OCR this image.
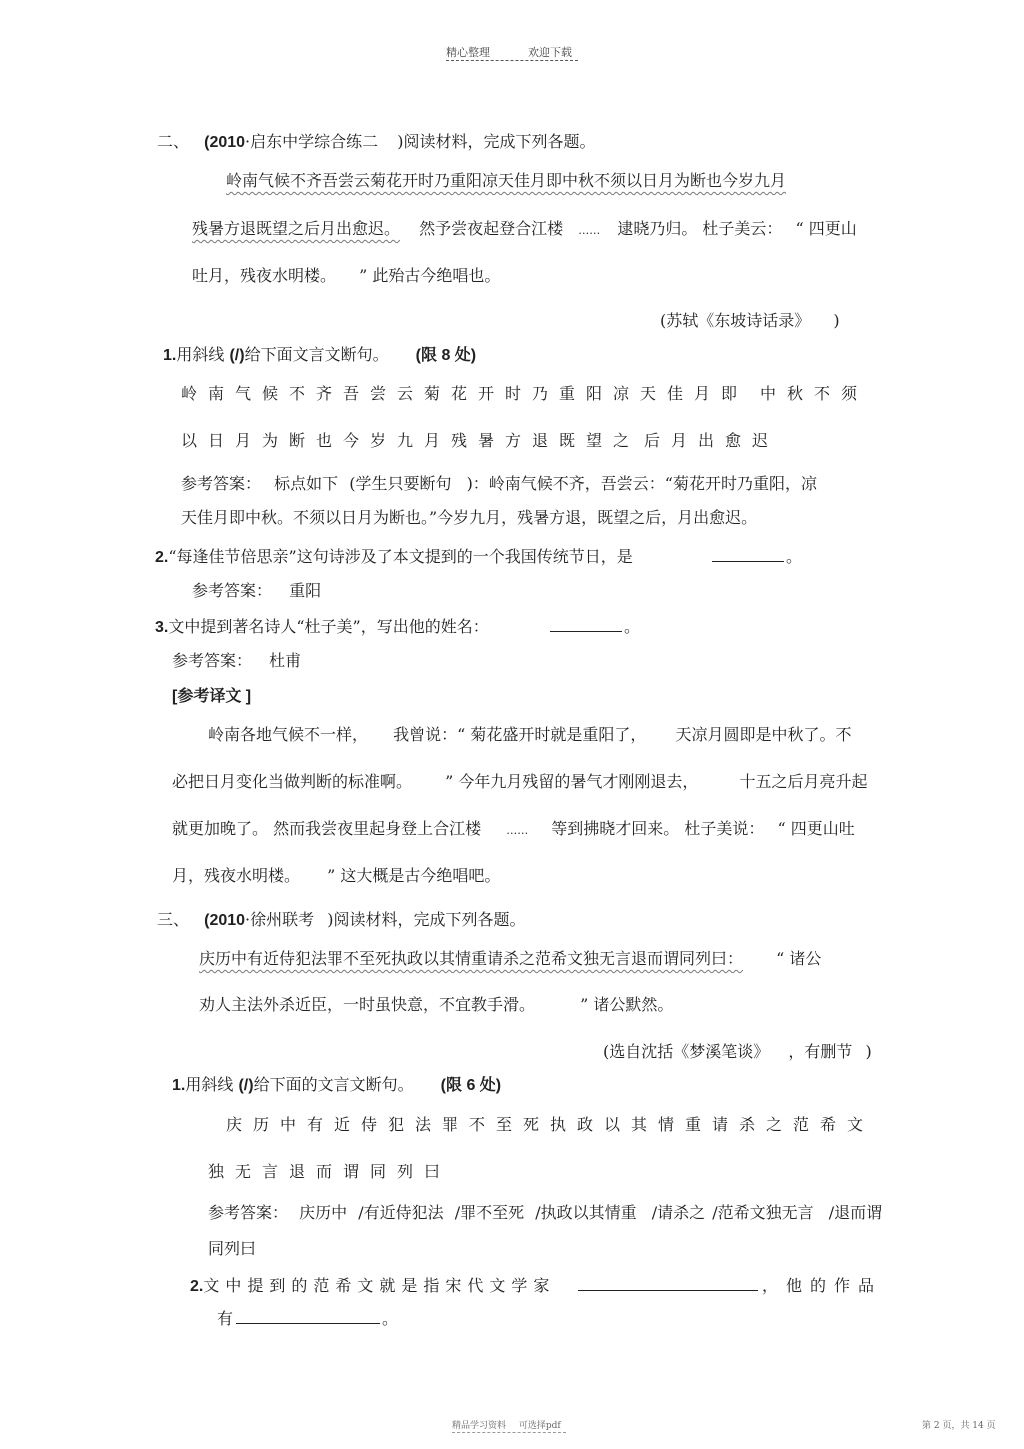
精心整理	欢迎下载
二、 (2010·启东中学综合练二 )阅读材料，完成下列各题。
岭南气候不齐吾尝云菊花开时乃重阳凉天佳月即中秋不须以日月为断也今岁九月
残暑方退既望之后月出愈迟。 然予尝夜起登合江楼 …… 逮晓乃归。 杜子美云： “ 四更山
吐月，残夜水明楼。 ” 此殆古今绝唱也。
(苏轼《东坡诗话录》 )
1.用斜线 (/)给下面文言文断句。 (限 8 处)
岭南气候不齐吾尝云菊花开时乃重阳凉天佳月即 中秋不须
以日月为断也今岁九月残暑方退既望之 后月出愈迟
参考答案： 标点如下 (学生只要断句 )：岭南气候不齐，吾尝云：“菊花开时乃重阳，凉
天佳月即中秋。不须以日月为断也。”今岁九月，残暑方退，既望之后，月出愈迟。
2.“每逢佳节倍思亲”这句诗涉及了本文提到的一个我国传统节日，是	。
参考答案： 重阳
3.文中提到著名诗人“杜子美”，写出他的姓名：	。
参考答案： 杜甫
[参考译文 ]
岭南各地气候不一样， 我曾说：“ 菊花盛开时就是重阳了， 天凉月圆即是中秋了。不
必把日月变化当做判断的标准啊。 ” 今年九月残留的暑气才刚刚退去，	十五之后月亮升起
就更加晚了。 然而我尝夜里起身登上合江楼 …… 等到拂晓才回来。 杜子美说： “ 四更山吐
月，残夜水明楼。 ” 这大概是古今绝唱吧。
三、 (2010·徐州联考 )阅读材料，完成下列各题。
庆历中有近侍犯法罪不至死执政以其情重请杀之范希文独无言退而谓同列曰： “ 诸公
劝人主法外杀近臣，一时虽快意，不宜教手滑。	” 诸公默然。
(选自沈括《梦溪笔谈》 ，有删节 )
1.用斜线 (/)给下面的文言文断句。 (限 6 处)
庆历中有近侍犯法罪不至死执政以其情重请杀之范希文
独无言退而谓同列曰
参考答案： 庆历中 /有近侍犯法 /罪不至死 /执政以其情重 /请杀之 /范希文独无言 /退而谓
同列曰
2.文中提到的范希文就是指宋代文学家	，他的作品
有	。
精品学习资料 可选择pdf	第 2 页，共 14 页
